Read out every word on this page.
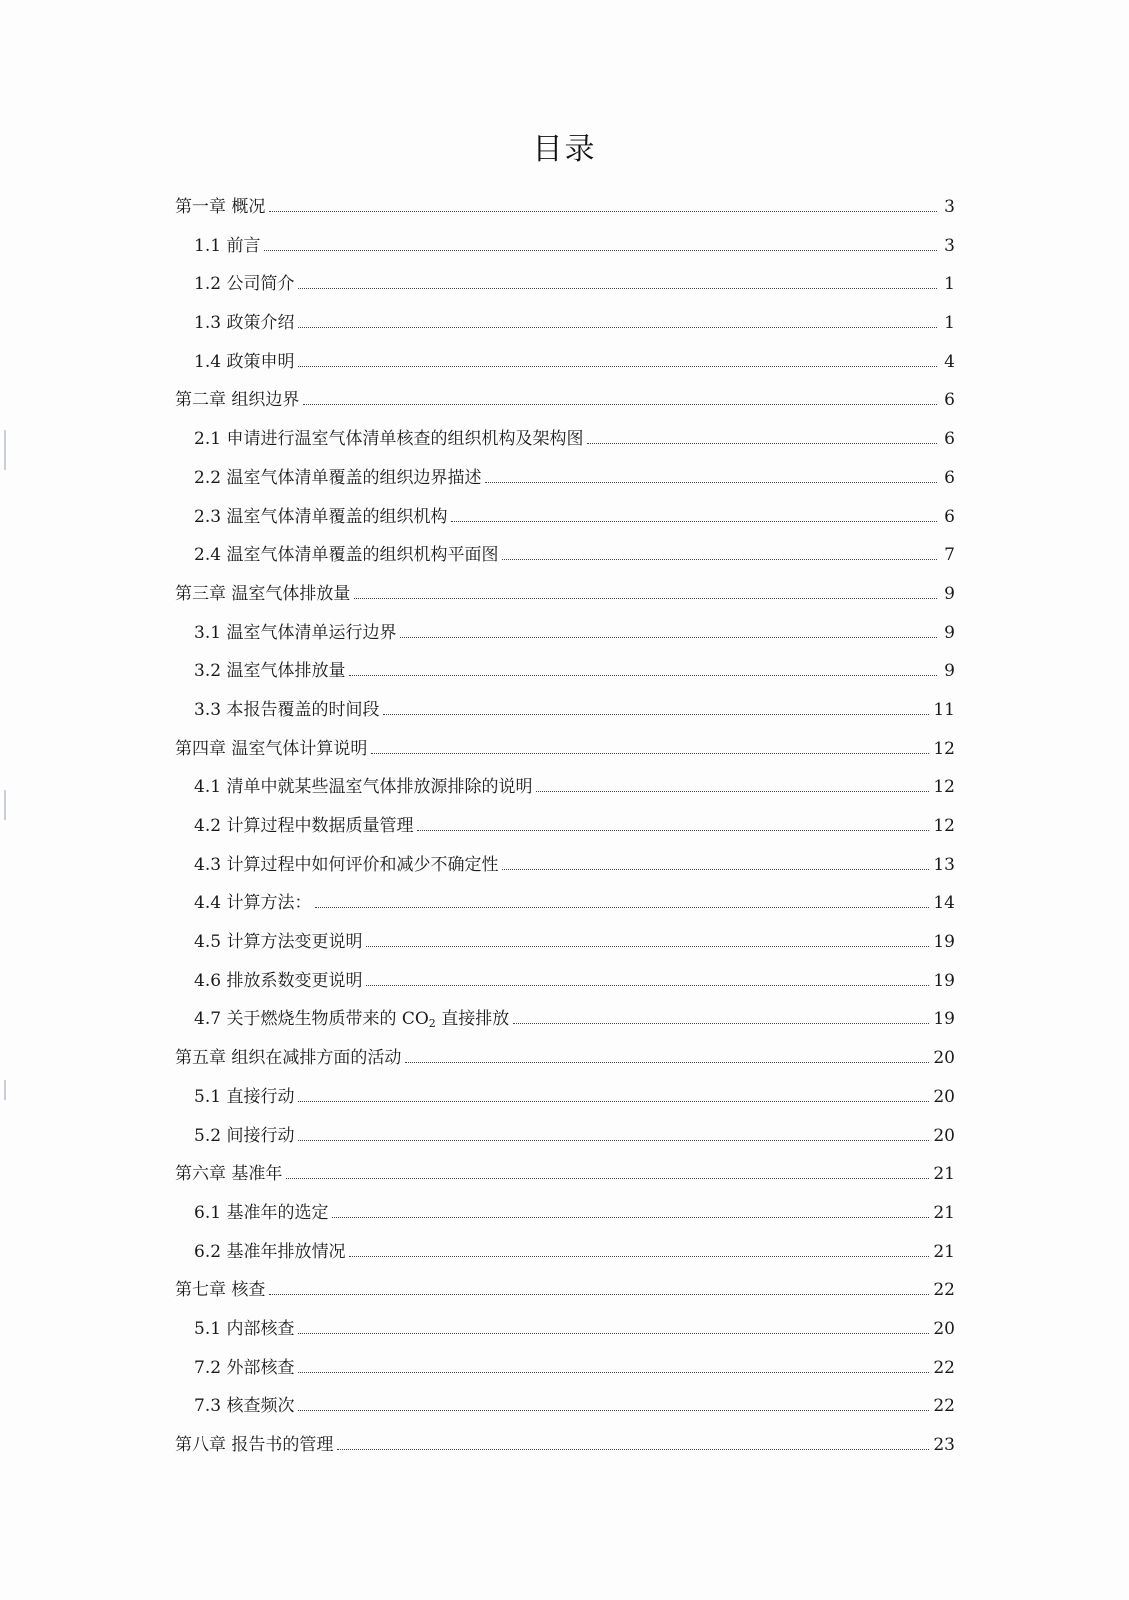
目录
第一章 概况	3
1.1 前言	3
1.2 公司简介	1
1.3 政策介绍	1
1.4 政策申明	4
第二章 组织边界	6
2.1 申请进行温室气体清单核查的组织机构及架构图	6
2.2 温室气体清单覆盖的组织边界描述	6
2.3 温室气体清单覆盖的组织机构	6
2.4 温室气体清单覆盖的组织机构平面图	7
第三章 温室气体排放量	9
3.1 温室气体清单运行边界	9
3.2 温室气体排放量	9
3.3 本报告覆盖的时间段	11
第四章 温室气体计算说明	12
4.1 清单中就某些温室气体排放源排除的说明	12
4.2 计算过程中数据质量管理	12
4.3 计算过程中如何评价和减少不确定性	13
4.4 计算方法：	14
4.5 计算方法变更说明	19
4.6 排放系数变更说明	19
4.7 关于燃烧生物质带来的 $CO_2$ 直接排放	19
第五章 组织在减排方面的活动	20
5.1 直接行动	20
5.2 间接行动	20
第六章 基准年	21
6.1 基准年的选定	21
6.2 基准年排放情况	21
第七章 核查	22
5.1 内部核查	20
7.2 外部核查	22
7.3 核查频次	22
第八章 报告书的管理	23
